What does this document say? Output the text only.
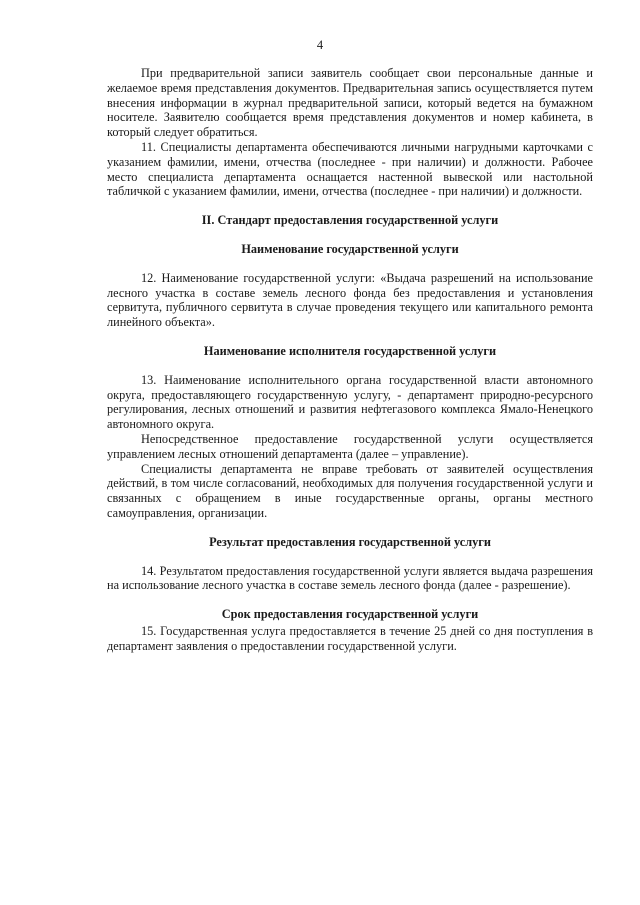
4

При предварительной записи заявитель сообщает свои персональные данные и желаемое время представления документов. Предварительная запись осуществляется путем внесения информации в журнал предварительной записи, который ведется на бумажном носителе. Заявителю сообщается время представления документов и номер кабинета, в который следует обратиться.

11. Специалисты департамента обеспечиваются личными нагрудными карточками с указанием фамилии, имени, отчества (последнее - при наличии) и должности. Рабочее место специалиста департамента оснащается настенной вывеской или настольной табличкой с указанием фамилии, имени, отчества (последнее - при наличии) и должности.

II. Стандарт предоставления государственной услуги
Наименование государственной услуги

12. Наименование государственной услуги: «Выдача разрешений на использование лесного участка в составе земель лесного фонда без предоставления и установления сервитута, публичного сервитута в случае проведения текущего или капитального ремонта линейного объекта».

Наименование исполнителя государственной услуги

13. Наименование исполнительного органа государственной власти автономного округа, предоставляющего государственную услугу, - департамент природно-ресурсного регулирования, лесных отношений и развития нефтегазового комплекса Ямало-Ненецкого автономного округа.

Непосредственное предоставление государственной услуги осуществляется управлением лесных отношений департамента (далее – управление).

Специалисты департамента не вправе требовать от заявителей осуществления действий, в том числе согласований, необходимых для получения государственной услуги и связанных с обращением в иные государственные органы, органы местного самоуправления, организации.

Результат предоставления государственной услуги

14. Результатом предоставления государственной услуги является выдача разрешения на использование лесного участка в составе земель лесного фонда (далее - разрешение).

Срок предоставления государственной услуги

15. Государственная услуга предоставляется в течение 25 дней со дня поступления в департамент заявления о предоставлении государственной услуги.
